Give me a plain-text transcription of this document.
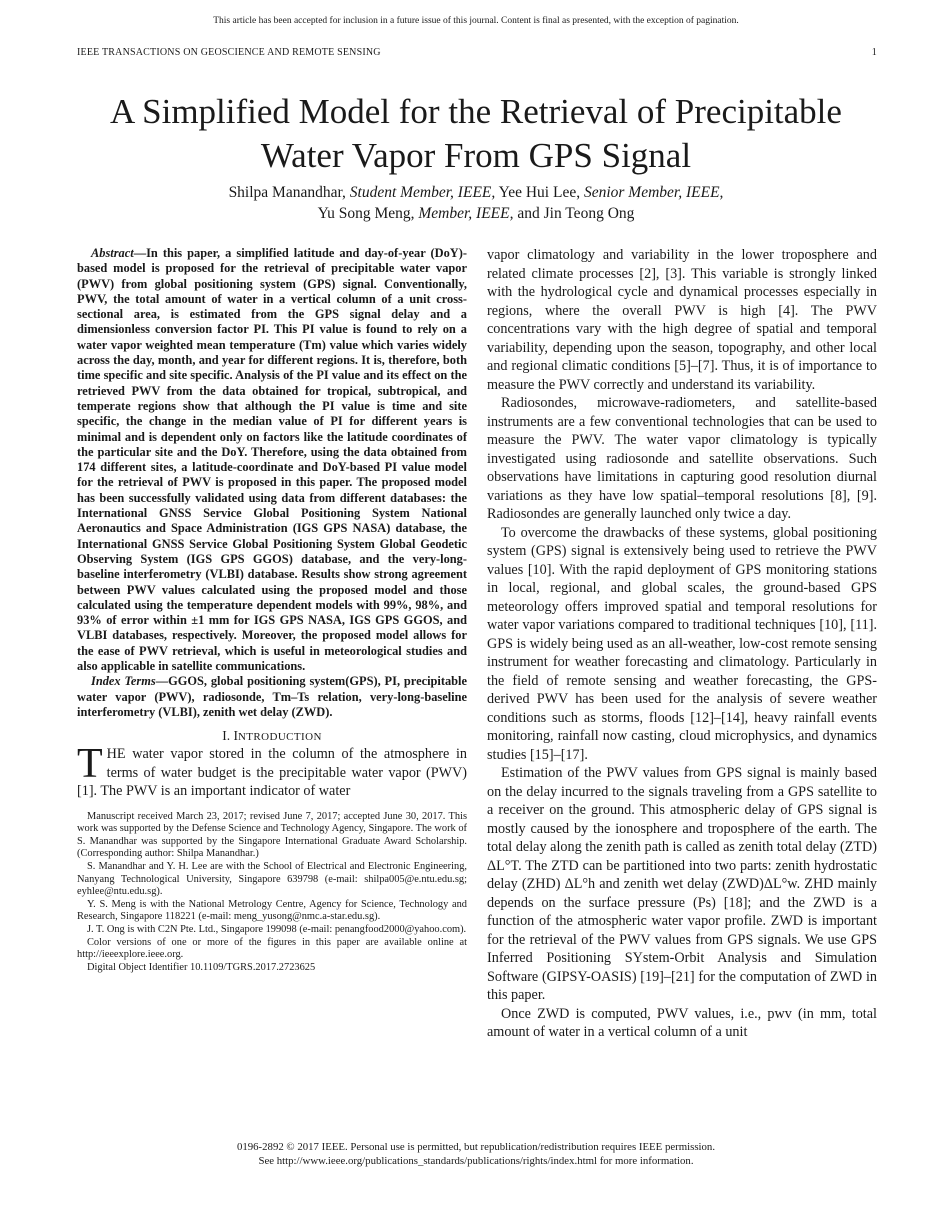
This article has been accepted for inclusion in a future issue of this journal. Content is final as presented, with the exception of pagination.
IEEE TRANSACTIONS ON GEOSCIENCE AND REMOTE SENSING	1
A Simplified Model for the Retrieval of Precipitable
Water Vapor From GPS Signal
Shilpa Manandhar, Student Member, IEEE, Yee Hui Lee, Senior Member, IEEE,
Yu Song Meng, Member, IEEE, and Jin Teong Ong

Abstract—In this paper, a simplified latitude and day-of-year (DoY)-based model is proposed for the retrieval of precipitable water vapor (PWV) from global positioning system (GPS) signal. Conventionally, PWV, the total amount of water in a vertical column of a unit cross-sectional area, is estimated from the GPS signal delay and a dimensionless conversion factor PI. This PI value is found to rely on a water vapor weighted mean temperature (Tm) value which varies widely across the day, month, and year for different regions. It is, therefore, both time specific and site specific. Analysis of the PI value and its effect on the retrieved PWV from the data obtained for tropical, subtropical, and temperate regions show that although the PI value is time and site specific, the change in the median value of PI for different years is minimal and is dependent only on factors like the latitude coordinates of the particular site and the DoY. Therefore, using the data obtained from 174 different sites, a latitude-coordinate and DoY-based PI value model for the retrieval of PWV is proposed in this paper. The proposed model has been successfully validated using data from different databases: the International GNSS Service Global Positioning System National Aeronautics and Space Administration (IGS GPS NASA) database, the International GNSS Service Global Positioning System Global Geodetic Observing System (IGS GPS GGOS) database, and the very-long-baseline interferometry (VLBI) database. Results show strong agreement between PWV values calculated using the proposed model and those calculated using the temperature dependent models with 99%, 98%, and 93% of error within ±1 mm for IGS GPS NASA, IGS GPS GGOS, and VLBI databases, respectively. Moreover, the proposed model allows for the ease of PWV retrieval, which is useful in meteorological studies and also applicable in satellite communications.

Index Terms—GGOS, global positioning system(GPS), PI, precipitable water vapor (PWV), radiosonde, Tm–Ts relation, very-long-baseline interferometry (VLBI), zenith wet delay (ZWD).

I. INTRODUCTION

THE water vapor stored in the column of the atmosphere in terms of water budget is the precipitable water vapor (PWV) [1]. The PWV is an important indicator of water

Manuscript received March 23, 2017; revised June 7, 2017; accepted June 30, 2017. This work was supported by the Defense Science and Technology Agency, Singapore. The work of S. Manandhar was supported by the Singapore International Graduate Award Scholarship. (Corresponding author: Shilpa Manandhar.)

S. Manandhar and Y. H. Lee are with the School of Electrical and Electronic Engineering, Nanyang Technological University, Singapore 639798 (e-mail: shilpa005@e.ntu.edu.sg; eyhlee@ntu.edu.sg).

Y. S. Meng is with the National Metrology Centre, Agency for Science, Technology and Research, Singapore 118221 (e-mail: meng_yusong@nmc.a-star.edu.sg).

J. T. Ong is with C2N Pte. Ltd., Singapore 199098 (e-mail: penangfood2000@yahoo.com).

Color versions of one or more of the figures in this paper are available online at http://ieeexplore.ieee.org.

Digital Object Identifier 10.1109/TGRS.2017.2723625

vapor climatology and variability in the lower troposphere and related climate processes [2], [3]. This variable is strongly linked with the hydrological cycle and dynamical processes especially in regions, where the overall PWV is high [4]. The PWV concentrations vary with the high degree of spatial and temporal variability, depending upon the season, topography, and other local and regional climatic conditions [5]–[7]. Thus, it is of importance to measure the PWV correctly and understand its variability.

Radiosondes, microwave-radiometers, and satellite-based instruments are a few conventional technologies that can be used to measure the PWV. The water vapor climatology is typically investigated using radiosonde and satellite observations. Such observations have limitations in capturing good resolution diurnal variations as they have low spatial–temporal resolutions [8], [9]. Radiosondes are generally launched only twice a day.

To overcome the drawbacks of these systems, global positioning system (GPS) signal is extensively being used to retrieve the PWV values [10]. With the rapid deployment of GPS monitoring stations in local, regional, and global scales, the ground-based GPS meteorology offers improved spatial and temporal resolutions for water vapor variations compared to traditional techniques [10], [11]. GPS is widely being used as an all-weather, low-cost remote sensing instrument for weather forecasting and climatology. Particularly in the field of remote sensing and weather forecasting, the GPS-derived PWV has been used for the analysis of severe weather conditions such as storms, floods [12]–[14], heavy rainfall events monitoring, rainfall now casting, cloud microphysics, and dynamics studies [15]–[17].

Estimation of the PWV values from GPS signal is mainly based on the delay incurred to the signals traveling from a GPS satellite to a receiver on the ground. This atmospheric delay of GPS signal is mostly caused by the ionosphere and troposphere of the earth. The total delay along the zenith path is called as zenith total delay (ZTD) ΔL°T. The ZTD can be partitioned into two parts: zenith hydrostatic delay (ZHD) ΔL°h and zenith wet delay (ZWD)ΔL°w. ZHD mainly depends on the surface pressure (Ps) [18]; and the ZWD is a function of the atmospheric water vapor profile. ZWD is important for the retrieval of the PWV values from GPS signals. We use GPS Inferred Positioning SYstem-Orbit Analysis and Simulation Software (GIPSY-OASIS) [19]–[21] for the computation of ZWD in this paper.

Once ZWD is computed, PWV values, i.e., pwv (in mm, total amount of water in a vertical column of a unit

0196-2892 © 2017 IEEE. Personal use is permitted, but republication/redistribution requires IEEE permission.
See http://www.ieee.org/publications_standards/publications/rights/index.html for more information.
